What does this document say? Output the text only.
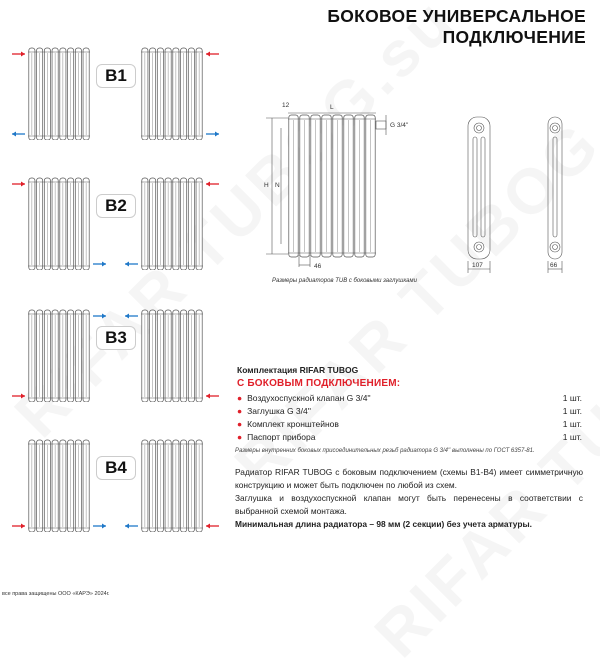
БОКОВОЕ УНИВЕРСАЛЬНОЕ
ПОДКЛЮЧЕНИЕ
B1
B2
B3
B4
12	L
H N
46
G 3/4''
107	66
Размеры радиаторов TUB с боковыми заглушками
Комплектация RIFAR TUBOG
С БОКОВЫМ ПОДКЛЮЧЕНИЕМ:
● Воздухоспускной клапан G 3/4''	1 шт.
● Заглушка G 3/4''	1 шт.
● Комплект кронштейнов	1 шт.
● Паспорт прибора	1 шт.
Размеры внутренних боковых присоединительных резьб радиатора G 3/4'' выполнены по ГОСТ 6357-81.
Радиатор RIFAR TUBOG с боковым подключением (схемы В1-В4) имеет симметричную конструкцию и может быть подключен по любой из схем.
Заглушка и воздухоспускной клапан могут быть перенесены в соответствии с выбранной схемой монтажа.
Минимальная длина радиатора – 98 мм (2 секции) без учета арматуры.
все права защищены ООО «КАРЭ» 2024г.
